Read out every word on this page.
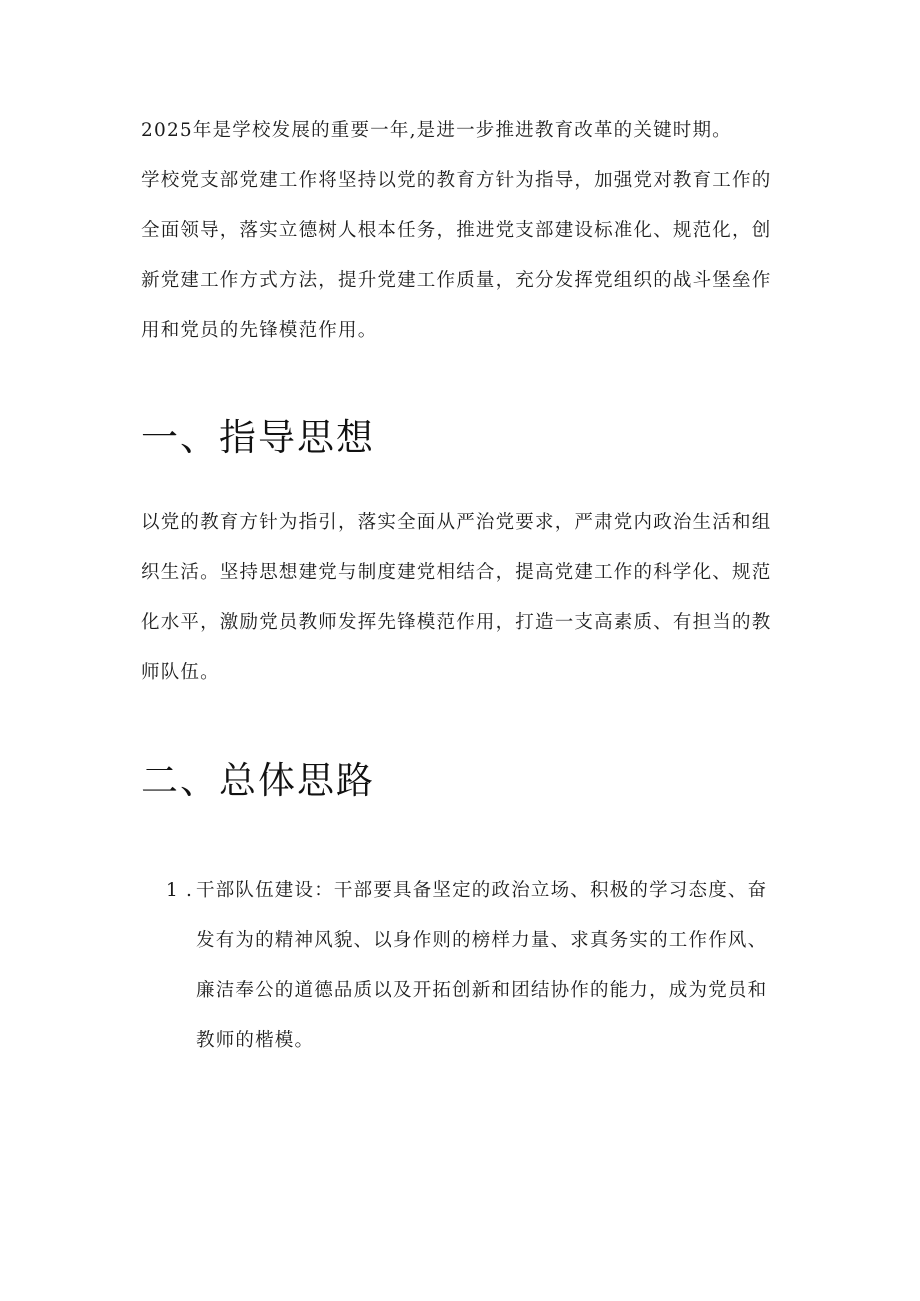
2025年是学校发展的重要一年,是进一步推进教育改革的关键时期。

学校党支部党建工作将坚持以党的教育方针为指导，加强党对教育工作的全面领导，落实立德树人根本任务，推进党支部建设标准化、规范化，创新党建工作方式方法，提升党建工作质量，充分发挥党组织的战斗堡垒作用和党员的先锋模范作用。

一、指导思想

以党的教育方针为指引，落实全面从严治党要求，严肃党内政治生活和组织生活。坚持思想建党与制度建党相结合，提高党建工作的科学化、规范化水平，激励党员教师发挥先锋模范作用，打造一支高素质、有担当的教师队伍。

二、总体思路
1 . 干部队伍建设：干部要具备坚定的政治立场、积极的学习态度、奋发有为的精神风貌、以身作则的榜样力量、求真务实的工作作风、廉洁奉公的道德品质以及开拓创新和团结协作的能力，成为党员和教师的楷模。
